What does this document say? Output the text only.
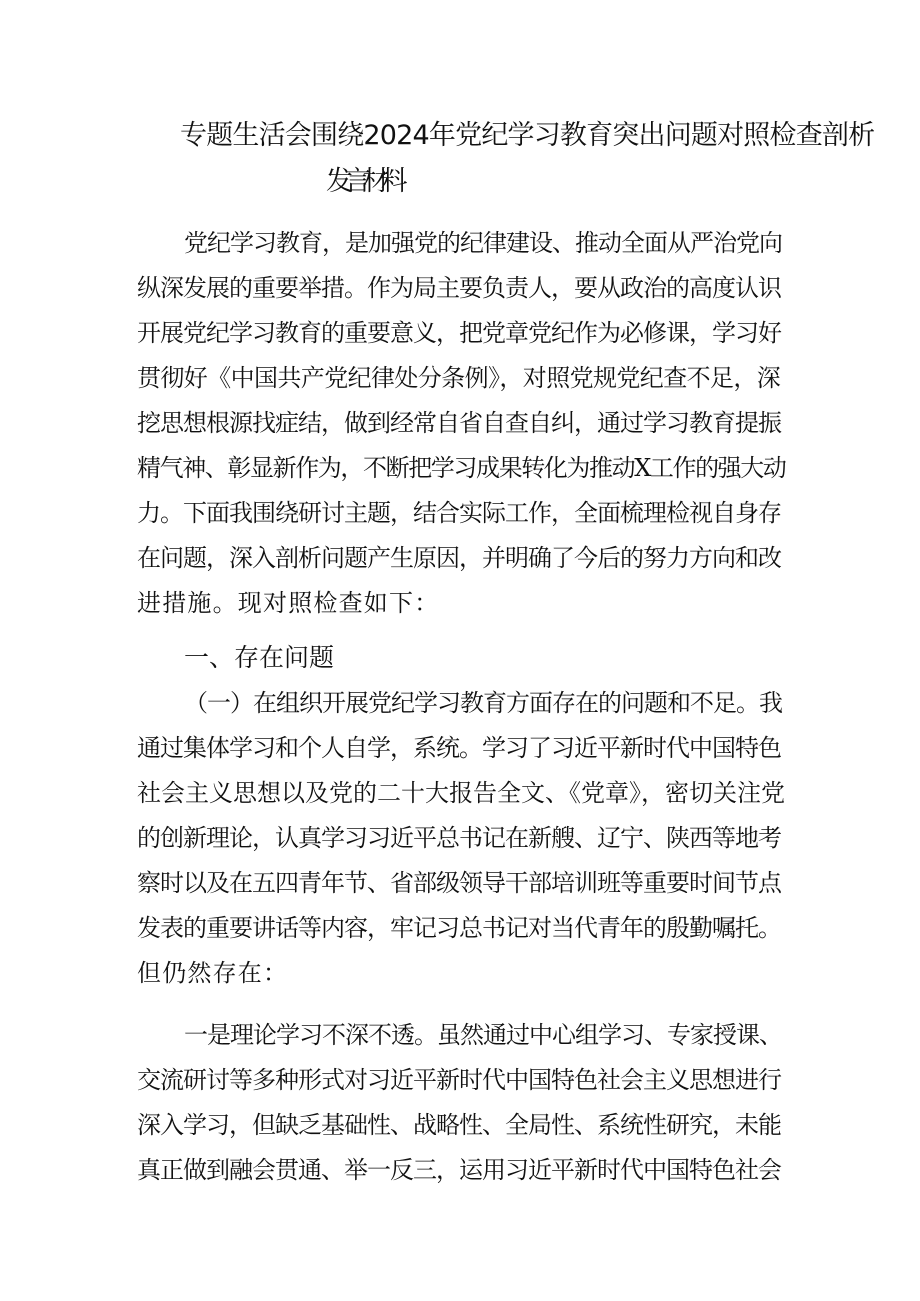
专题生活会围绕2024年党纪学习教育突出问题对照检查剖析
发言材料
党纪学习教育，是加强党的纪律建设、推动全面从严治党向
纵深发展的重要举措。作为局主要负责人，要从政治的高度认识
开展党纪学习教育的重要意义，把党章党纪作为必修课，学习好
贯彻好《中国共产党纪律处分条例》，对照党规党纪查不足，深
挖思想根源找症结，做到经常自省自查自纠，通过学习教育提振
精气神、彰显新作为，不断把学习成果转化为推动X工作的强大动
力。下面我围绕研讨主题，结合实际工作，全面梳理检视自身存
在问题，深入剖析问题产生原因，并明确了今后的努力方向和改
进措施。现对照检查如下：
一、存在问题
（一）在组织开展党纪学习教育方面存在的问题和不足。我
通过集体学习和个人自学，系统。学习了习近平新时代中国特色
社会主义思想以及党的二十大报告全文、《党章》，密切关注党
的创新理论，认真学习习近平总书记在新艘、辽宁、陕西等地考
察时以及在五四青年节、省部级领导干部培训班等重要时间节点
发表的重要讲话等内容，牢记习总书记对当代青年的殷勤嘱托。
但仍然存在：
一是理论学习不深不透。虽然通过中心组学习、专家授课、
交流研讨等多种形式对习近平新时代中国特色社会主义思想进行
深入学习，但缺乏基础性、战略性、全局性、系统性研究，未能
真正做到融会贯通、举一反三，运用习近平新时代中国特色社会
